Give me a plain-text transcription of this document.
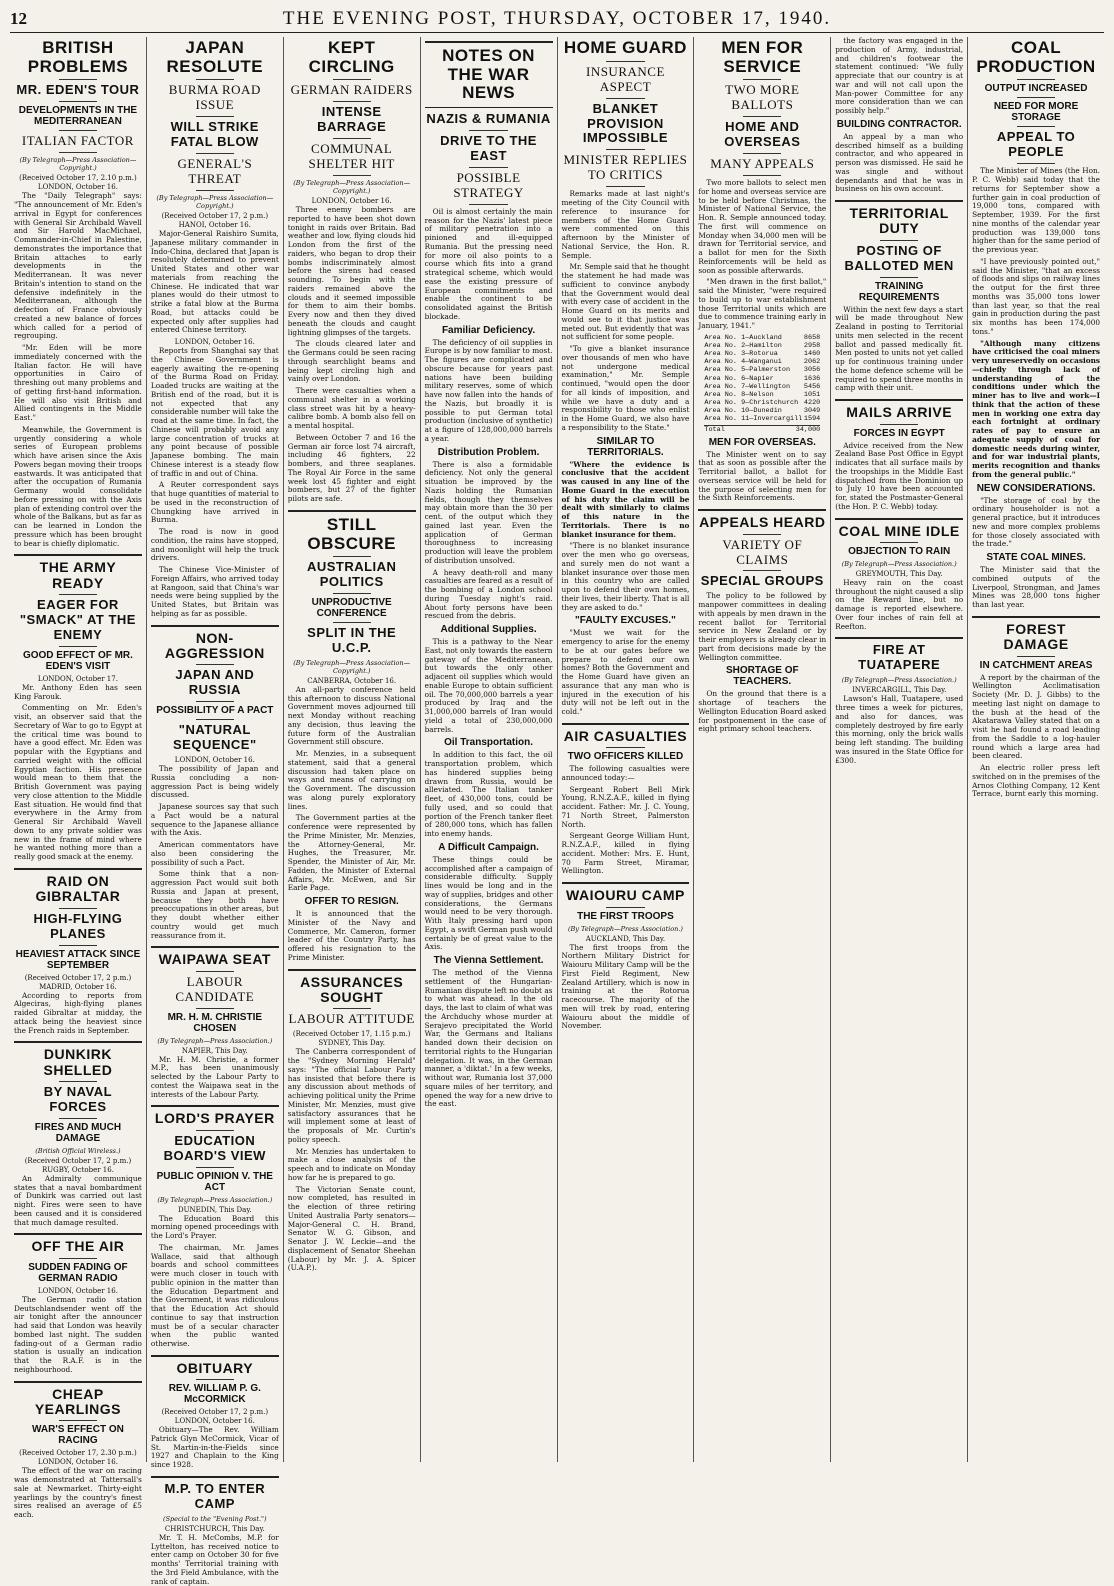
12	THE EVENING POST, THURSDAY, OCTOBER 17, 1940.
BRITISH PROBLEMS
MR. EDEN'S TOUR
DEVELOPMENTS IN THE MEDITERRANEAN
ITALIAN FACTOR
(By Telegraph—Press Association—Copyright.)
(Received October 17, 2.10 p.m.)
LONDON, October 16.

The "Daily Telegraph" says: "The announcement of Mr. Eden's arrival in Egypt for conferences with General Sir Archibald Wavell and Sir Harold MacMichael, Commander-in-Chief in Palestine, demonstrates the importance that Britain attaches to early developments in the Mediterranean. It was never Britain's intention to stand on the defensive indefinitely in the Mediterranean, although the defection of France obviously created a new balance of forces which called for a period of regrouping.

"Mr. Eden will be more immediately concerned with the Italian factor. He will have opportunities in Cairo of threshing out many problems and of getting first-hand information. He will also visit British and Allied contingents in the Middle East."

Meanwhile, the Government is urgently considering a whole series of European problems which have arisen since the Axis Powers began moving their troops eastwards. It was anticipated that after the occupation of Rumania Germany would consolidate before pressing on with the Axis plan of extending control over the whole of the Balkans, but as far as can be learned in London the pressure which has been brought to bear is chiefly diplomatic.

THE ARMY READY
EAGER FOR "SMACK" AT THE ENEMY
GOOD EFFECT OF MR. EDEN'S VISIT
LONDON, October 17.

Mr. Anthony Eden has seen King Farouk.

Commenting on Mr. Eden's visit, an observer said that the Secretary of War to go to Egypt at the critical time was bound to have a good effect. Mr. Eden was popular with the Egyptians and carried weight with the official Egyptian faction. His presence would mean to them that the British Government was paying very close attention to the Middle East situation. He would find that everywhere in the Army from General Sir Archibald Wavell down to any private soldier was new in the frame of mind where he wanted nothing more than a really good smack at the enemy.

RAID ON GIBRALTAR
HIGH-FLYING PLANES
HEAVIEST ATTACK SINCE SEPTEMBER
(Received October 17, 2 p.m.)
MADRID, October 16.

According to reports from Algeciras, high-flying planes raided Gibraltar at midday, the attack being the heaviest since the French raids in September.

DUNKIRK SHELLED
BY NAVAL FORCES
FIRES AND MUCH DAMAGE
(British Official Wireless.)
(Received October 17, 2 p.m.)
RUGBY, October 16.

An Admiralty communique states that a naval bombardment of Dunkirk was carried out last night. Fires were seen to have been caused and it is considered that much damage resulted.

OFF THE AIR
SUDDEN FADING OF GERMAN RADIO
LONDON, October 16.

The German radio station Deutschlandsender went off the air tonight after the announcer had said that London was heavily bombed last night. The sudden fading-out of a German radio station is usually an indication that the R.A.F. is in the neighbourhood.

CHEAP YEARLINGS
WAR'S EFFECT ON RACING
(Received October 17, 2.30 p.m.)
LONDON, October 16.

The effect of the war on racing was demonstrated at Tattersall's sale at Newmarket. Thirty-eight yearlings by the country's finest sires realised an average of £5 each.

JAPAN RESOLUTE
BURMA ROAD ISSUE
WILL STRIKE FATAL BLOW
GENERAL'S THREAT
(By Telegraph—Press Association—Copyright.)
(Received October 17, 2 p.m.)
HANOI, October 16.

Major-General Raishiro Sumita, Japanese military commander in Indo-China, declared that Japan is resolutely determined to prevent United States and other war materials from reaching the Chinese. He indicated that war planes would do their utmost to strike a fatal blow at the Burma Road, but attacks could be expected only after supplies had entered Chinese territory.

LONDON, October 16.

Reports from Shanghai say that the Chinese Government is eagerly awaiting the re-opening of the Burma Road on Friday. Loaded trucks are waiting at the British end of the road, but it is not expected that any considerable number will take the road at the same time. In fact, the Chinese will probably avoid any large concentration of trucks at any point because of possible Japanese bombing. The main Chinese interest is a steady flow of traffic in and out of China.

A Reuter correspondent says that huge quantities of material to be used in the reconstruction of Chungking have arrived in Burma.

The road is now in good condition, the rains have stopped, and moonlight will help the truck drivers.

The Chinese Vice-Minister of Foreign Affairs, who arrived today at Rangoon, said that China's war needs were being supplied by the United States, but Britain was helping as far as possible.

NON-AGGRESSION
JAPAN AND RUSSIA
POSSIBILITY OF A PACT
"NATURAL SEQUENCE"
LONDON, October 16.

The possibility of Japan and Russia concluding a non-aggression Pact is being widely discussed.

Japanese sources say that such a Pact would be a natural sequence to the Japanese alliance with the Axis.

American commentators have also been considering the possibility of such a Pact.

Some think that a non-aggression Pact would suit both Russia and Japan at present, because they both have preoccupations in other areas, but they doubt whether either country would get much reassurance from it.

WAIPAWA SEAT
LABOUR CANDIDATE
MR. H. M. CHRISTIE CHOSEN
(By Telegraph—Press Association.)
NAPIER, This Day.

Mr. H. M. Christie, a former M.P., has been unanimously selected by the Labour Party to contest the Waipawa seat in the interests of the Labour Party.

LORD'S PRAYER
EDUCATION BOARD'S VIEW
PUBLIC OPINION V. THE ACT
(By Telegraph—Press Association.)
DUNEDIN, This Day.

The Education Board this morning opened proceedings with the Lord's Prayer.

The chairman, Mr. James Wallace, said that although boards and school committees were much closer in touch with public opinion in the matter than the Education Department and the Government, it was ridiculous that the Education Act should continue to say that instruction must be of a secular character when the public wanted otherwise.

OBITUARY
REV. WILLIAM P. G. McCORMICK
(Received October 17, 2 p.m.)
LONDON, October 16.

Obituary—The Rev. William Patrick Glyn McCormick, Vicar of St. Martin-in-the-Fields since 1927 and Chaplain to the King since 1928.

M.P. TO ENTER CAMP
(Special to the "Evening Post.")
CHRISTCHURCH, This Day.

Mr. T. H. McCombs, M.P. for Lyttelton, has received notice to enter camp on October 30 for five months' Territorial training with the 3rd Field Ambulance, with the rank of captain.

KEPT CIRCLING
GERMAN RAIDERS
INTENSE BARRAGE
COMMUNAL SHELTER HIT
(By Telegraph—Press Association—Copyright.)
LONDON, October 16.

Three enemy bombers are reported to have been shot down tonight in raids over Britain. Bad weather and low, flying clouds hid London from the first of the raiders, who began to drop their bombs indiscriminately almost before the sirens had ceased sounding. To begin with the raiders remained above the clouds and it seemed impossible for them to aim their bombs. Every now and then they dived beneath the clouds and caught lightning glimpses of the targets.

The clouds cleared later and the Germans could be seen racing through searchlight beams and being kept circling high and vainly over London.

There were casualties when a communal shelter in a working class street was hit by a heavy-calibre bomb. A bomb also fell on a mental hospital.

Between October 7 and 16 the German air force lost 74 aircraft, including 46 fighters, 22 bombers, and three seaplanes. The Royal Air Force in the same week lost 45 fighter and eight bombers, but 27 of the fighter pilots are safe.

STILL OBSCURE
AUSTRALIAN POLITICS
UNPRODUCTIVE CONFERENCE
SPLIT IN THE U.C.P.
(By Telegraph—Press Association—Copyright.)
CANBERRA, October 16.

An all-party conference held this afternoon to discuss National Government moves adjourned till next Monday without reaching any decision, thus leaving the future form of the Australian Government still obscure.

Mr. Menzies, in a subsequent statement, said that a general discussion had taken place on ways and means of carrying on the Government. The discussion was along purely exploratory lines.

The Government parties at the conference were represented by the Prime Minister, Mr. Menzies, the Attorney-General, Mr. Hughes, the Treasurer, Mr. Spender, the Minister of Air, Mr. Fadden, the Minister of External Affairs, Mr. McEwen, and Sir Earle Page.

OFFER TO RESIGN.

It is announced that the Minister of the Navy and Commerce, Mr. Cameron, former leader of the Country Party, has offered his resignation to the Prime Minister.

ASSURANCES SOUGHT
LABOUR ATTITUDE
(Received October 17, 1.15 p.m.)
SYDNEY, This Day.

The Canberra correspondent of the "Sydney Morning Herald" says: "The official Labour Party has insisted that before there is any discussion about methods of achieving political unity the Prime Minister, Mr. Menzies, must give satisfactory assurances that he will implement some at least of the proposals of Mr. Curtin's policy speech.

Mr. Menzies has undertaken to make a close analysis of the speech and to indicate on Monday how far he is prepared to go.

The Victorian Senate count, now completed, has resulted in the election of three retiring United Australia Party senators—Major-General C. H. Brand, Senator W. G. Gibson, and Senator J. W. Leckie—and the displacement of Senator Sheehan (Labour) by Mr. J. A. Spicer (U.A.P.).

NOTES ON THE WAR NEWS
NAZIS & RUMANIA
DRIVE TO THE EAST
POSSIBLE STRATEGY

Oil is almost certainly the main reason for the Nazis' latest piece of military penetration into a pinioned and ill-equipped Rumania. But the pressing need for more oil also points to a course which fits into a grand strategical scheme, which would ease the existing pressure of European commitments and enable the continent to be consolidated against the British blockade.

Familiar Deficiency.

The deficiency of oil supplies in Europe is by now familiar to most. The figures are complicated and obscure because for years past nations have been building military reserves, some of which have now fallen into the hands of the Nazis, but broadly it is possible to put German total production (inclusive of synthetic) at a figure of 128,000,000 barrels a year.

Distribution Problem.

There is also a formidable deficiency. Not only the general situation be improved by the Nazis holding the Rumanian fields, though they themselves may obtain more than the 30 per cent. of the output which they gained last year. Even the application of German thoroughness to increasing production will leave the problem of distribution unsolved.

A heavy death-roll and many casualties are feared as a result of the bombing of a London school during Tuesday night's raid. About forty persons have been rescued from the debris.

Additional Supplies.

This is a pathway to the Near East, not only towards the eastern gateway of the Mediterranean, but towards the only other adjacent oil supplies which would enable Europe to obtain sufficient oil. The 70,000,000 barrels a year produced by Iraq and the 31,000,000 barrels of Iran would yield a total of 230,000,000 barrels.

Oil Transportation.

In addition to this fact, the oil transportation problem, which has hindered supplies being drawn from Russia, would be alleviated. The Italian tanker fleet, of 430,000 tons, could be fully used, and so could that portion of the French tanker fleet of 280,000 tons, which has fallen into enemy hands.

A Difficult Campaign.

These things could be accomplished after a campaign of considerable difficulty. Supply lines would be long and in the way of supplies, bridges and other considerations, the Germans would need to be very thorough. With Italy pressing hard upon Egypt, a swift German push would certainly be of great value to the Axis.

The Vienna Settlement.

The method of the Vienna settlement of the Hungarian-Rumanian dispute left no doubt as to what was ahead. In the old days, the last to claim of what was the Archduchy whose murder at Serajevo precipitated the World War, the Germans and Italians handed down their decision on territorial rights to the Hungarian delegation. It was, in the German manner, a 'diktat.' In a few weeks, without war, Rumania lost 37,000 square miles of her territory, and opened the way for a new drive to the east.

HOME GUARD
INSURANCE ASPECT
BLANKET PROVISION IMPOSSIBLE
MINISTER REPLIES TO CRITICS

Remarks made at last night's meeting of the City Council with reference to insurance for members of the Home Guard were commented on this afternoon by the Minister of National Service, the Hon. R. Semple.

Mr. Semple said that he thought the statement he had made was sufficient to convince anybody that the Government would deal with every case of accident in the Home Guard on its merits and would see to it that justice was meted out. But evidently that was not sufficient for some people.

"To give a blanket insurance over thousands of men who have not undergone medical examination," Mr. Semple continued, "would open the door for all kinds of imposition, and while we have a duty and a responsibility to those who enlist in the Home Guard, we also have a responsibility to the State."

SIMILAR TO TERRITORIALS.

"Where the evidence is conclusive that the accident was caused in any line of the Home Guard in the execution of his duty the claim will be dealt with similarly to claims of this nature in the Territorials. There is no blanket insurance for them.

"There is no blanket insurance over the men who go overseas, and surely men do not want a blanket insurance over those men in this country who are called upon to defend their own homes, their lives, their liberty. That is all they are asked to do."

"FAULTY EXCUSES."

"Must we wait for the emergency to arise for the enemy to be at our gates before we prepare to defend our own homes? Both the Government and the Home Guard have given an assurance that any man who is injured in the execution of his duty will not be left out in the cold."

AIR CASUALTIES
TWO OFFICERS KILLED

The following casualties were announced today:—

Sergeant Robert Bell Mirk Young, R.N.Z.A.F., killed in flying accident. Father: Mr. J. C. Young, 71 North Street, Palmerston North.

Sergeant George William Hunt, R.N.Z.A.F., killed in flying accident. Mother: Mrs. E. Hunt, 70 Farm Street, Miramar, Wellington.

WAIOURU CAMP
THE FIRST TROOPS
(By Telegraph—Press Association.)
AUCKLAND, This Day.

The first troops from the Northern Military District for Waiouru Military Camp will be the First Field Regiment, New Zealand Artillery, which is now in training at the Rotorua racecourse. The majority of the men will trek by road, entering Waiouru about the middle of November.

MEN FOR SERVICE
TWO MORE BALLOTS
HOME AND OVERSEAS
MANY APPEALS

Two more ballots to select men for home and overseas service are to be held before Christmas, the Minister of National Service, the Hon. R. Semple announced today. The first will commence on Monday when 34,000 men will be drawn for Territorial service, and a ballot for men for the Sixth Reinforcements will be held as soon as possible afterwards.

"Men drawn in the first ballot," said the Minister, "were required to build up to war establishment those Territorial units which are due to commence training early in January, 1941."

Area No. 1—Auckland	8658
Area No. 2—Hamilton	2958
Area No. 3—Rotorua	1460
Area No. 4—Wanganui	2062
Area No. 5—Palmerston 3056
Area No. 6—Napier	1636
Area No. 7—Wellington 5456
Area No. 8—Nelson	1051
Area No. 9—Christchurch 4220
Area No. 10—Dunedin	3049
Area No. 11—Invercargill 1594
Total	34,000
MEN FOR OVERSEAS.

The Minister went on to say that as soon as possible after the Territorial ballot, a ballot for overseas service will be held for the purpose of selecting men for the Sixth Reinforcements.

APPEALS HEARD
VARIETY OF CLAIMS
SPECIAL GROUPS

The policy to be followed by manpower committees in dealing with appeals by men drawn in the recent ballot for Territorial service in New Zealand or by their employers is already clear in part from decisions made by the Wellington committee.

SHORTAGE OF TEACHERS.

On the ground that there is a shortage of teachers the Wellington Education Board asked for postponement in the case of eight primary school teachers.

the factory was engaged in the production of Army, industrial, and children's footwear the statement continued: "We fully appreciate that our country is at war and will not call upon the Man-power Committee for any more consideration than we can possibly help."

BUILDING CONTRACTOR.

An appeal by a man who described himself as a building contractor, and who appeared in person was dismissed. He said he was single and without dependants and that he was in business on his own account.

TERRITORIAL DUTY
POSTING OF BALLOTED MEN
TRAINING REQUIREMENTS

Within the next few days a start will be made throughout New Zealand in posting to Territorial units men selected in the recent ballot and passed medically fit. Men posted to units not yet called up for continuous training under the home defence scheme will be required to spend three months in camp with their unit.

MAILS ARRIVE
FORCES IN EGYPT

Advice received from the New Zealand Base Post Office in Egypt indicates that all surface mails by the troopships in the Middle East dispatched from the Dominion up to July 10 have been accounted for, stated the Postmaster-General (the Hon. P. C. Webb) today.

COAL MINE IDLE
OBJECTION TO RAIN
(By Telegraph—Press Association.)
GREYMOUTH, This Day.

Heavy rain on the coast throughout the night caused a slip on the Reward line, but no damage is reported elsewhere. Over four inches of rain fell at Reefton.

FIRE AT TUATAPERE
(By Telegraph—Press Association.)
INVERCARGILL, This Day.

Lawson's Hall, Tuatapere, used three times a week for pictures, and also for dances, was completely destroyed by fire early this morning, only the brick walls being left standing. The building was insured in the State Office for £300.

COAL PRODUCTION
OUTPUT INCREASED
NEED FOR MORE STORAGE
APPEAL TO PEOPLE

The Minister of Mines (the Hon. P. C. Webb) said today that the returns for September show a further gain in coal production of 19,000 tons, compared with September, 1939. For the first nine months of the calendar year production was 139,000 tons higher than for the same period of the previous year.

"I have previously pointed out," said the Minister, "that an excess of floods and slips on railway lines the output for the first three months was 35,000 tons lower than last year, so that the real gain in production during the past six months has been 174,000 tons."

"Although many citizens have criticised the coal miners very unreservedly on occasions—chiefly through lack of understanding of the conditions under which the miner has to live and work—I think that the action of these men in working one extra day each fortnight at ordinary rates of pay to ensure an adequate supply of coal for domestic needs during winter, and for war industrial plants, merits recognition and thanks from the general public."

NEW CONSIDERATIONS.

"The storage of coal by the ordinary householder is not a general practice, but it introduces new and more complex problems for those closely associated with the trade."

STATE COAL MINES.

The Minister said that the combined outputs of the Liverpool, Strongman, and James Mines was 28,000 tons higher than last year.

FOREST DAMAGE
IN CATCHMENT AREAS

A report by the chairman of the Wellington Acclimatisation Society (Mr. D. J. Gibbs) to the meeting last night on damage to the bush at the head of the Akatarawa Valley stated that on a visit he had found a road leading from the Saddle to a log-hauler round which a large area had been cleared.

An electric roller press left switched on in the premises of the Arnos Clothing Company, 12 Kent Terrace, burnt early this morning.
